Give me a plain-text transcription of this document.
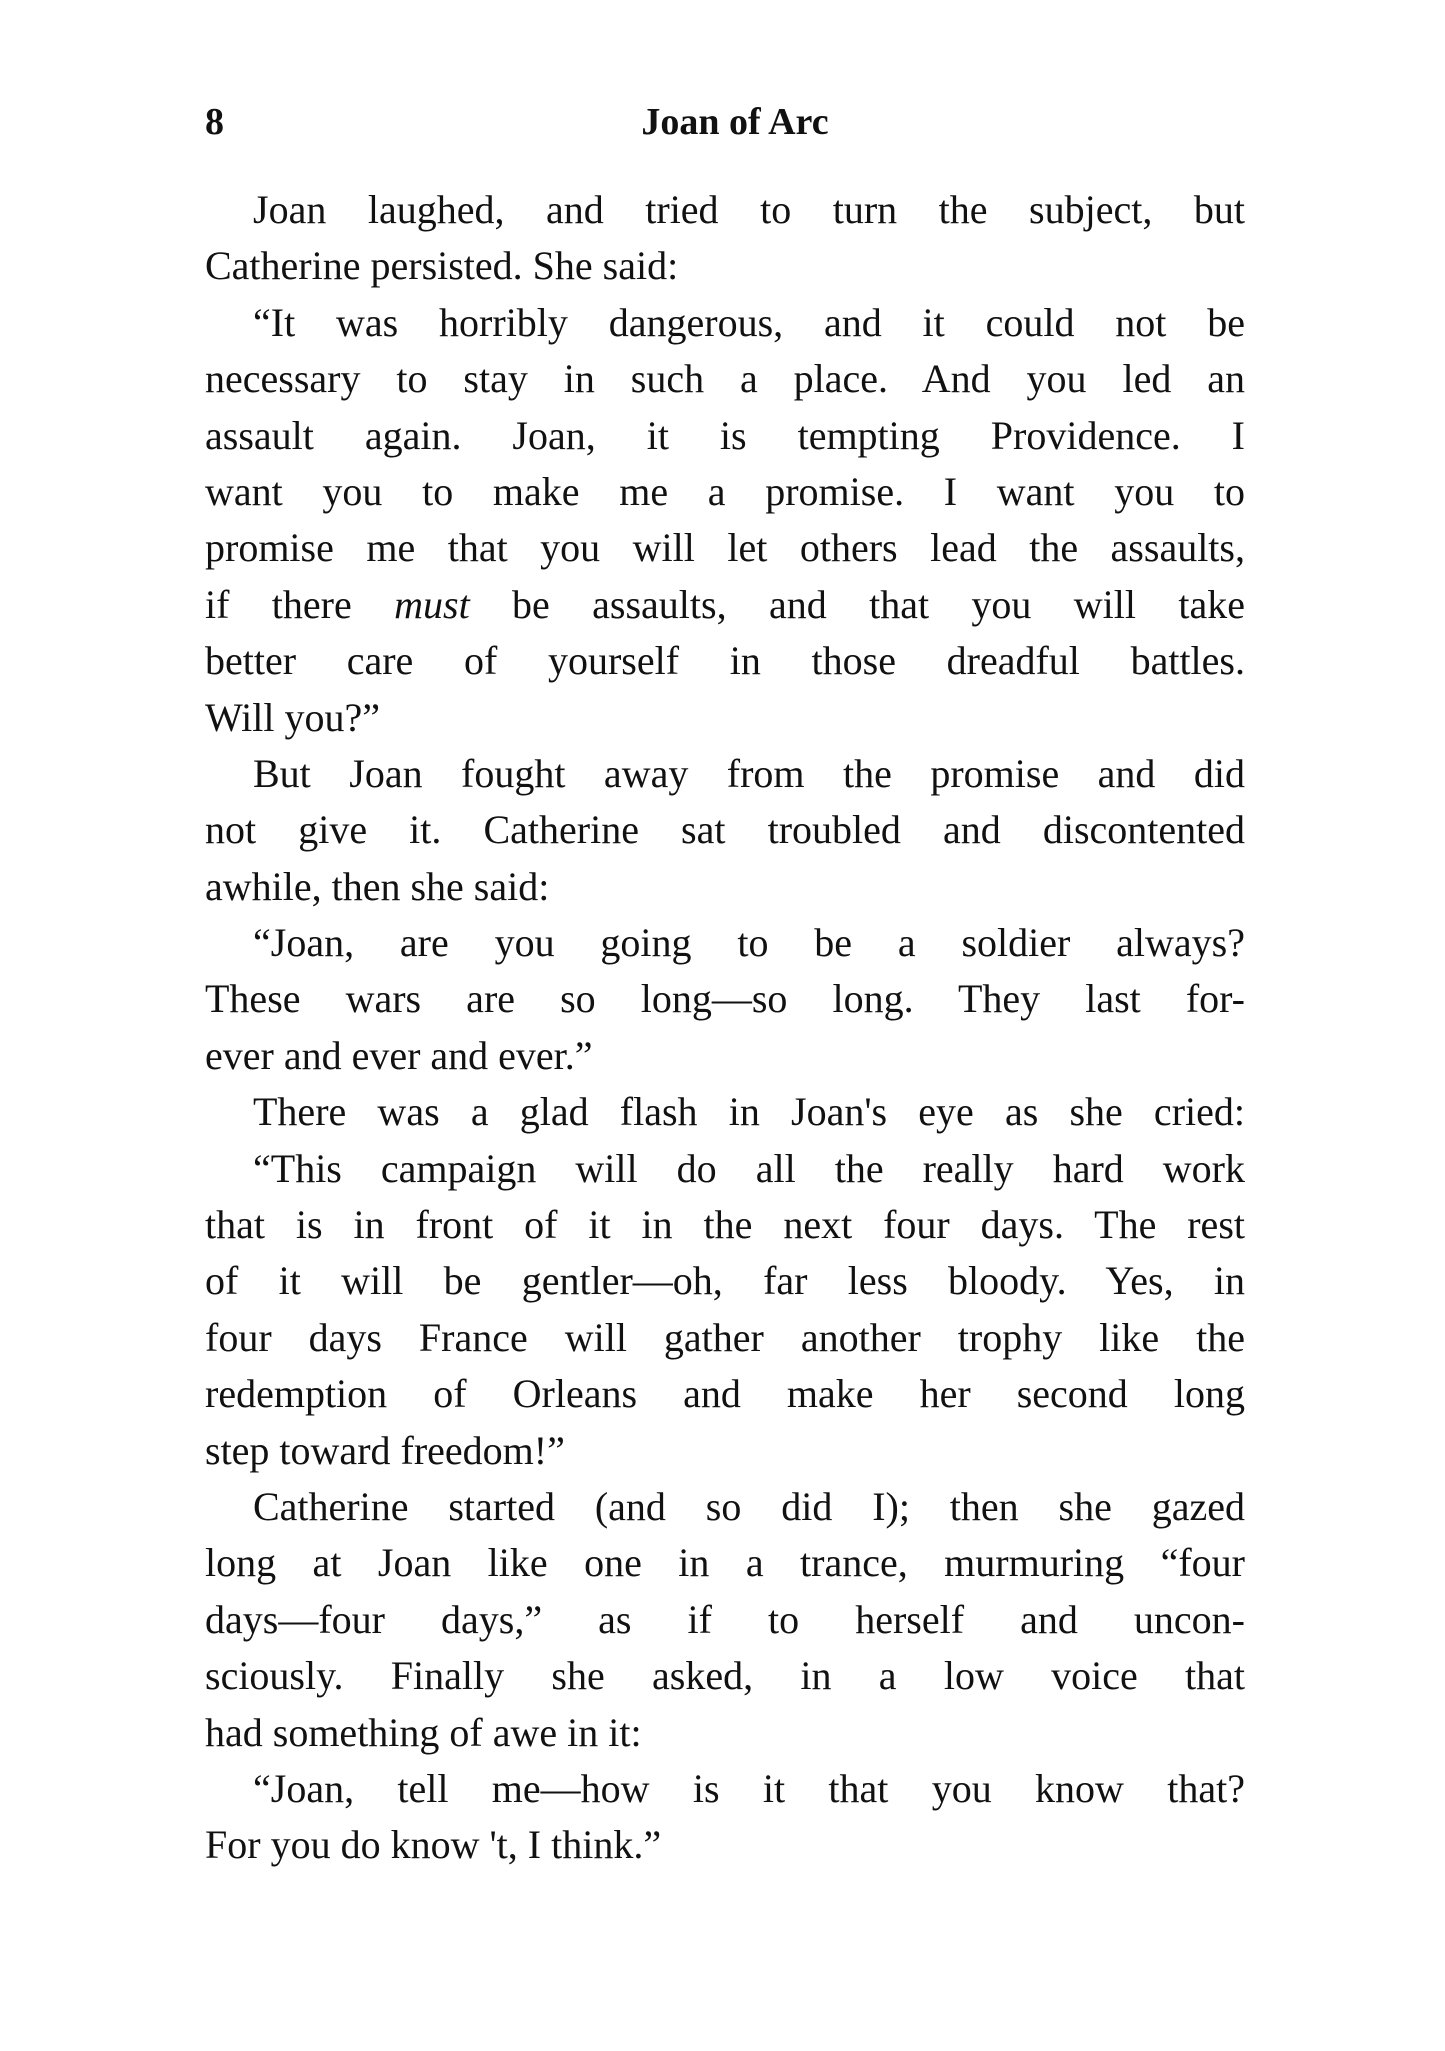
8	Joan of Arc
Joan laughed, and tried to turn the subject, but
Catherine persisted. She said:
“It was horribly dangerous, and it could not be
necessary to stay in such a place. And you led an
assault again. Joan, it is tempting Providence. I
want you to make me a promise. I want you to
promise me that you will let others lead the assaults,
if there must be assaults, and that you will take
better care of yourself in those dreadful battles.
Will you?”
But Joan fought away from the promise and did
not give it. Catherine sat troubled and discontented
awhile, then she said:
“Joan, are you going to be a soldier always?
These wars are so long—so long. They last for-
ever and ever and ever.”
There was a glad flash in Joan's eye as she cried:
“This campaign will do all the really hard work
that is in front of it in the next four days. The rest
of it will be gentler—oh, far less bloody. Yes, in
four days France will gather another trophy like the
redemption of Orleans and make her second long
step toward freedom!”
Catherine started (and so did I); then she gazed
long at Joan like one in a trance, murmuring “four
days—four days,” as if to herself and uncon-
sciously. Finally she asked, in a low voice that
had something of awe in it:
“Joan, tell me—how is it that you know that?
For you do know 't, I think.”
